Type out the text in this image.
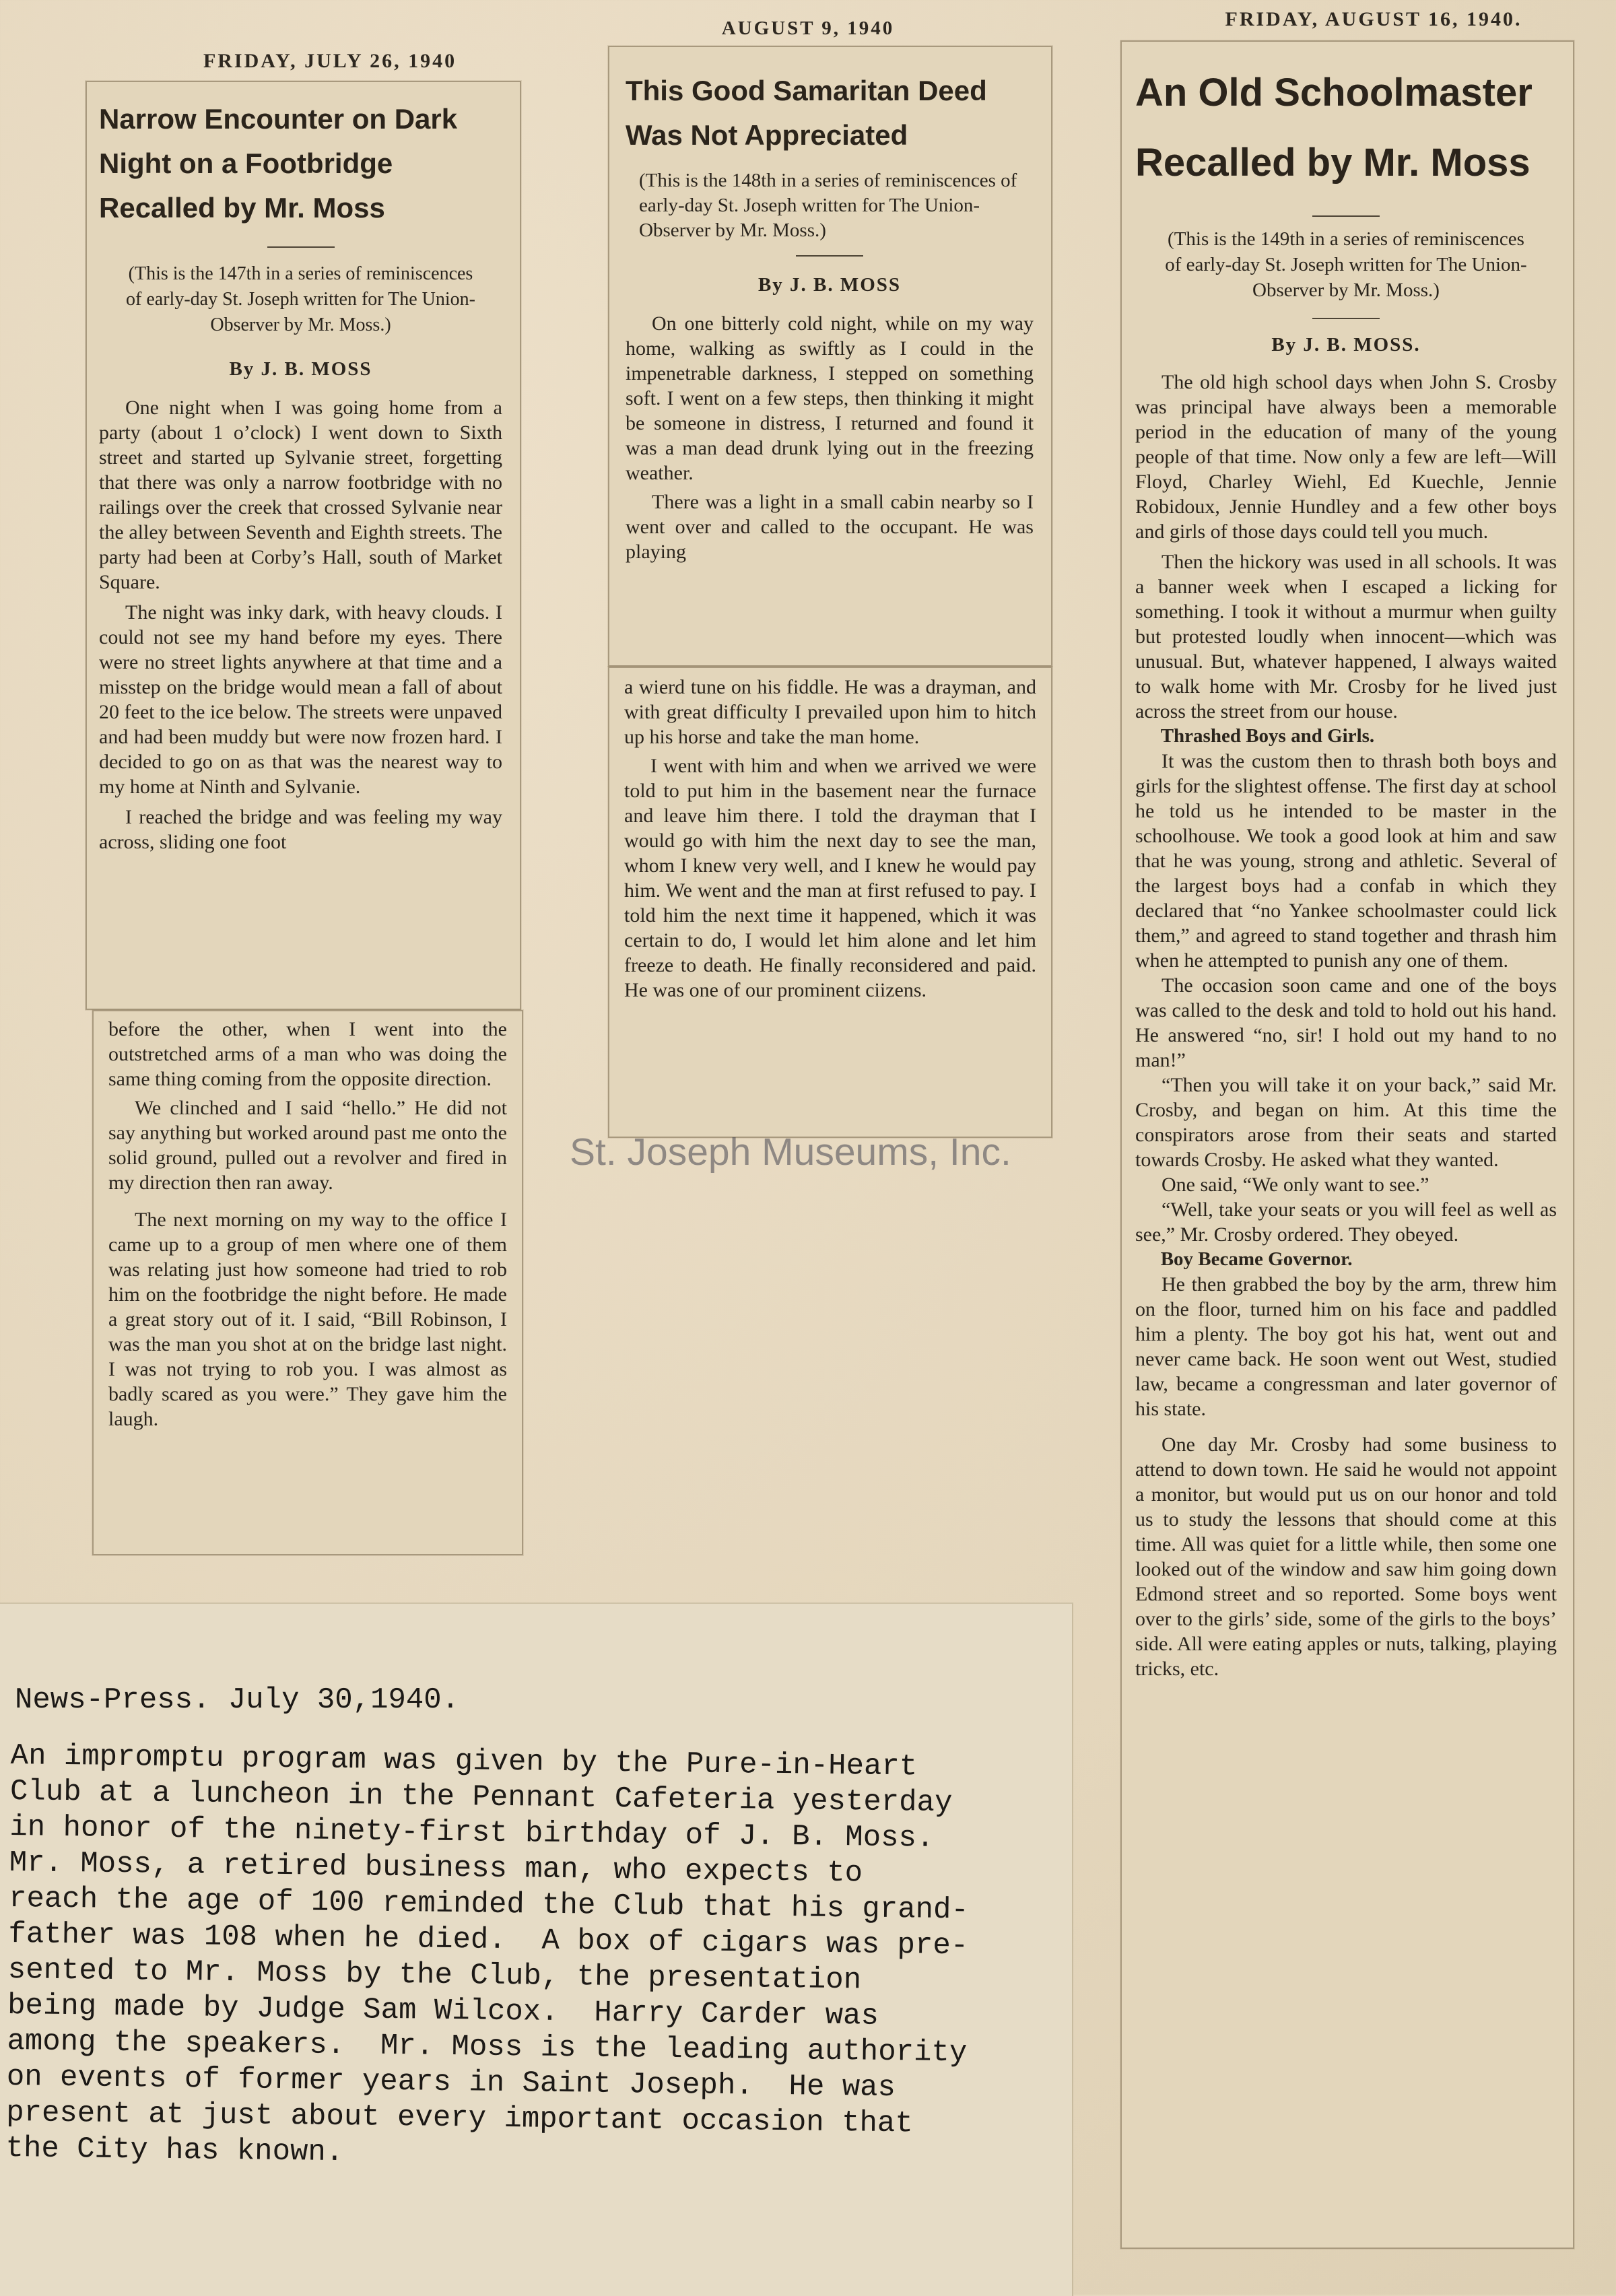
FRIDAY, JULY 26, 1940

Narrow Encounter on Dark

Night on a Footbridge

Recalled by Mr. Moss

(This is the 147th in a series of reminiscences of early-day St. Joseph written for The Union-Observer by Mr. Moss.)

By J. B. MOSS

One night when I was going home from a party (about 1 o’clock) I went down to Sixth street and started up Sylvanie street, forgetting that there was only a narrow footbridge with no railings over the creek that crossed Sylvanie near the alley between Seventh and Eighth streets. The party had been at Corby’s Hall, south of Market Square.

The night was inky dark, with heavy clouds. I could not see my hand before my eyes. There were no street lights anywhere at that time and a misstep on the bridge would mean a fall of about 20 feet to the ice below. The streets were unpaved and had been muddy but were now frozen hard. I decided to go on as that was the nearest way to my home at Ninth and Sylvanie.

I reached the bridge and was feeling my way across, sliding one foot

before the other, when I went into the outstretched arms of a man who was doing the same thing coming from the opposite direction.

We clinched and I said “hello.” He did not say anything but worked around past me onto the solid ground, pulled out a revolver and fired in my direction then ran away.

The next morning on my way to the office I came up to a group of men where one of them was relating just how someone had tried to rob him on the footbridge the night before. He made a great story out of it. I said, “Bill Robinson, I was the man you shot at on the bridge last night. I was not trying to rob you. I was almost as badly scared as you were.” They gave him the laugh.

AUGUST 9, 1940

This Good Samaritan Deed

Was Not Appreciated

(This is the 148th in a series of reminiscences of early-day St. Joseph written for The Union-Observer by Mr. Moss.)

By J. B. MOSS

On one bitterly cold night, while on my way home, walking as swiftly as I could in the impenetrable darkness, I stepped on something soft. I went on a few steps, then thinking it might be someone in distress, I returned and found it was a man dead drunk lying out in the freezing weather.

There was a light in a small cabin nearby so I went over and called to the occupant. He was playing

a wierd tune on his fiddle. He was a drayman, and with great difficulty I prevailed upon him to hitch up his horse and take the man home.

I went with him and when we arrived we were told to put him in the basement near the furnace and leave him there. I told the drayman that I would go with him the next day to see the man, whom I knew very well, and I knew he would pay him. We went and the man at first refused to pay. I told him the next time it happened, which it was certain to do, I would let him alone and let him freeze to death. He finally reconsidered and paid. He was one of our prominent ciizens.

St. Joseph Museums, Inc.
FRIDAY, AUGUST 16, 1940.

An Old Schoolmaster

Recalled by Mr. Moss

(This is the 149th in a series of reminiscences of early-day St. Joseph written for The Union-Observer by Mr. Moss.)

By J. B. MOSS.

The old high school days when John S. Crosby was principal have always been a memorable period in the education of many of the young people of that time. Now only a few are left—Will Floyd, Charley Wiehl, Ed Kuechle, Jennie Robidoux, Jennie Hundley and a few other boys and girls of those days could tell you much.

Then the hickory was used in all schools. It was a banner week when I escaped a licking for something. I took it without a murmur when guilty but protested loudly when innocent—which was unusual. But, whatever happened, I always waited to walk home with Mr. Crosby for he lived just across the street from our house.

Thrashed Boys and Girls.

It was the custom then to thrash both boys and girls for the slightest offense. The first day at school he told us he intended to be master in the schoolhouse. We took a good look at him and saw that he was young, strong and athletic. Several of the largest boys had a confab in which they declared that “no Yankee schoolmaster could lick them,” and agreed to stand together and thrash him when he attempted to punish any one of them.

The occasion soon came and one of the boys was called to the desk and told to hold out his hand. He answered “no, sir! I hold out my hand to no man!”

“Then you will take it on your back,” said Mr. Crosby, and began on him. At this time the conspirators arose from their seats and started towards Crosby. He asked what they wanted.

One said, “We only want to see.”

“Well, take your seats or you will feel as well as see,” Mr. Crosby ordered. They obeyed.

Boy Became Governor.

He then grabbed the boy by the arm, threw him on the floor, turned him on his face and paddled him a plenty. The boy got his hat, went out and never came back. He soon went out West, studied law, became a congressman and later governor of his state.

One day Mr. Crosby had some business to attend to down town. He said he would not appoint a monitor, but would put us on our honor and told us to study the lessons that should come at this time. All was quiet for a little while, then some one looked out of the window and saw him going down Edmond street and so reported. Some boys went over to the girls’ side, some of the girls to the boys’ side. All were eating apples or nuts, talking, playing tricks, etc.

News-Press. July 30,1940.
An impromptu program was given by the Pure-in-Heart
Club at a luncheon in the Pennant Cafeteria yesterday
in honor of the ninety-first birthday of J. B. Moss.
Mr. Moss, a retired business man, who expects to
reach the age of 100 reminded the Club that his grand-
father was 108 when he died.  A box of cigars was pre-
sented to Mr. Moss by the Club, the presentation
being made by Judge Sam Wilcox.  Harry Carder was
among the speakers.  Mr. Moss is the leading authority
on events of former years in Saint Joseph.  He was
present at just about every important occasion that
the City has known.
